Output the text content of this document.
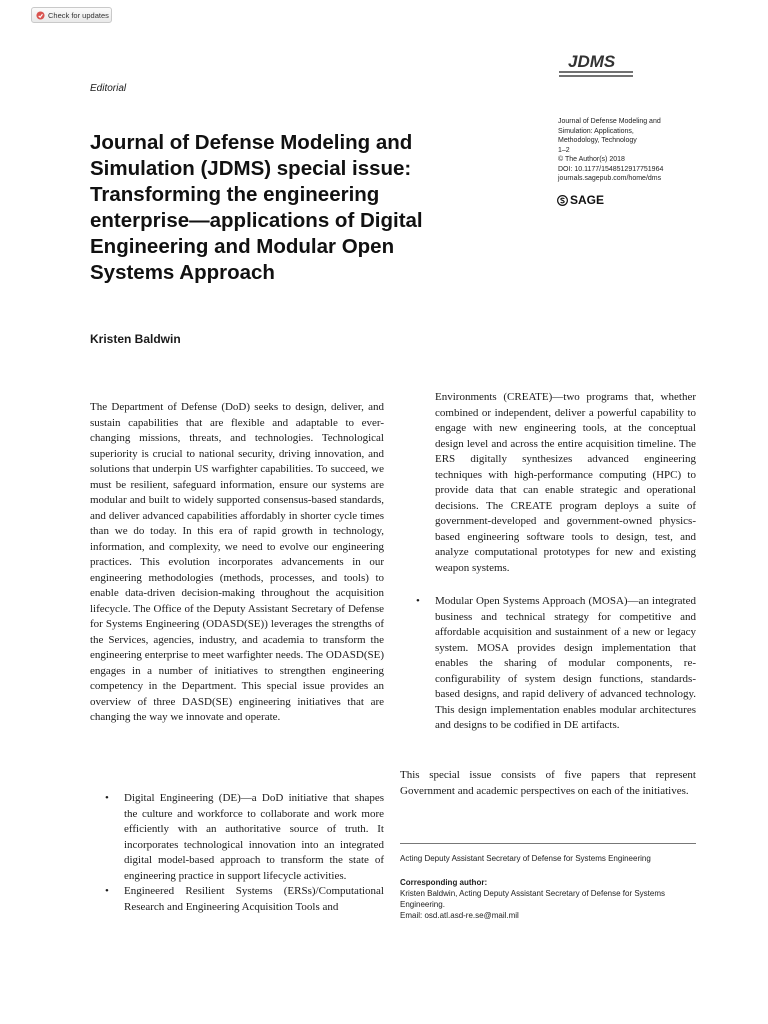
Check for updates
Editorial
JDMS
Journal of Defense Modeling and
Simulation: Applications,
Methodology, Technology
1–2
© The Author(s) 2018
DOI: 10.1177/1548512917751964
journals.sagepub.com/home/dms
SAGE
Journal of Defense Modeling and Simulation (JDMS) special issue: Transforming the engineering enterprise—applications of Digital Engineering and Modular Open Systems Approach
Kristen Baldwin
The Department of Defense (DoD) seeks to design, deliver, and sustain capabilities that are flexible and adaptable to ever-changing missions, threats, and technologies. Technological superiority is crucial to national security, driving innovation, and solutions that underpin US warfighter capabilities. To succeed, we must be resilient, safeguard information, ensure our systems are modular and built to widely supported consensus-based standards, and deliver advanced capabilities affordably in shorter cycle times than we do today. In this era of rapid growth in technology, information, and complexity, we need to evolve our engineering practices. This evolution incorporates advancements in our engineering methodologies (methods, processes, and tools) to enable data-driven decision-making throughout the acquisition lifecycle. The Office of the Deputy Assistant Secretary of Defense for Systems Engineering (ODASD(SE)) leverages the strengths of the Services, agencies, industry, and academia to transform the engineering enterprise to meet warfighter needs. The ODASD(SE) engages in a number of initiatives to strengthen engineering competency in the Department. This special issue provides an overview of three DASD(SE) engineering initiatives that are changing the way we innovate and operate.
• Digital Engineering (DE)—a DoD initiative that shapes the culture and workforce to collaborate and work more efficiently with an authoritative source of truth. It incorporates technological innovation into an integrated digital model-based approach to transform the state of engineering practice in support lifecycle activities.
• Engineered Resilient Systems (ERSs)/Computational Research and Engineering Acquisition Tools and
Environments (CREATE)—two programs that, whether combined or independent, deliver a powerful capability to engage with new engineering tools, at the conceptual design level and across the entire acquisition timeline. The ERS digitally synthesizes advanced engineering techniques with high-performance computing (HPC) to provide data that can enable strategic and operational decisions. The CREATE program deploys a suite of government-developed and government-owned physics-based engineering software tools to design, test, and analyze computational prototypes for new and existing weapon systems.
• Modular Open Systems Approach (MOSA)—an integrated business and technical strategy for competitive and affordable acquisition and sustainment of a new or legacy system. MOSA provides design implementation that enables the sharing of modular components, re-configurability of system design functions, standards-based designs, and rapid delivery of advanced technology. This design implementation enables modular architectures and designs to be codified in DE artifacts.
This special issue consists of five papers that represent Government and academic perspectives on each of the initiatives.
Acting Deputy Assistant Secretary of Defense for Systems Engineering
Corresponding author:
Kristen Baldwin, Acting Deputy Assistant Secretary of Defense for Systems Engineering.
Email: osd.atl.asd-re.se@mail.mil
